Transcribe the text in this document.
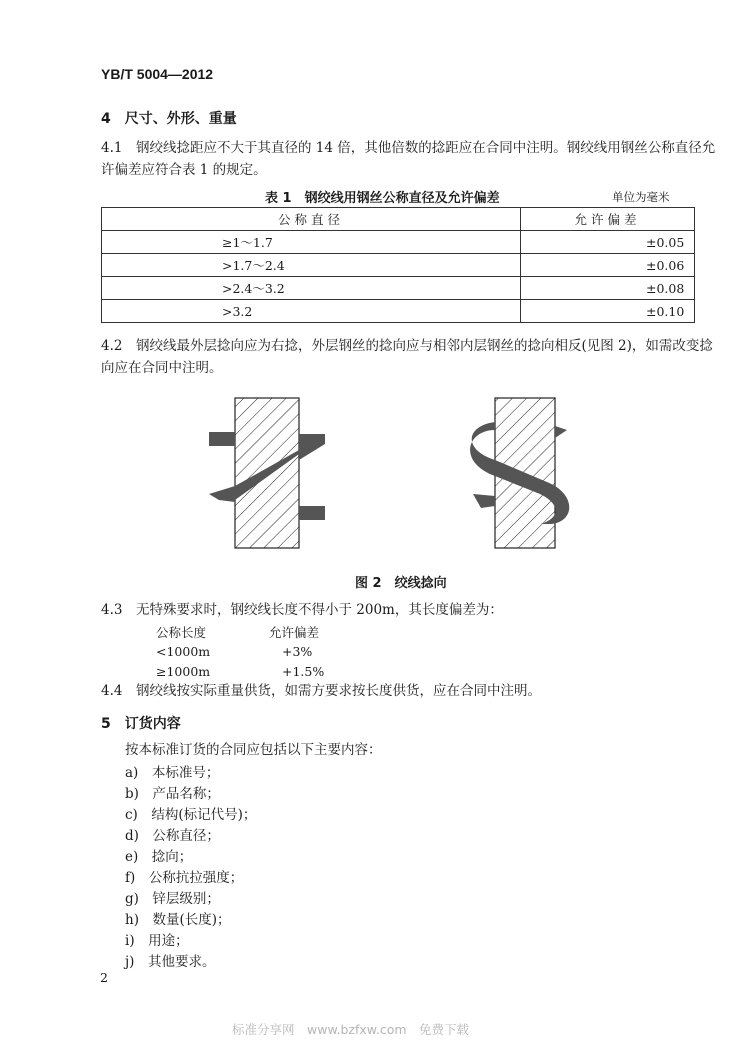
YB/T 5004—2012
4　尺寸、外形、重量
4.1　钢绞线捻距应不大于其直径的 14 倍，其他倍数的捻距应在合同中注明。钢绞线用钢丝公称直径允
许偏差应符合表 1 的规定。
表 1　钢绞线用钢丝公称直径及允许偏差	单位为毫米
公称直径	允许偏差
≥1～1.7	±0.05
>1.7～2.4	±0.06
>2.4～3.2	±0.08
>3.2	±0.10
4.2　钢绞线最外层捻向应为右捻，外层钢丝的捻向应与相邻内层钢丝的捻向相反(见图 2)，如需改变捻
向应在合同中注明。
图 2　绞线捻向
4.3　无特殊要求时，钢绞线长度不得小于 200m，其长度偏差为：
公称长度	允许偏差
<1000m	+3%
≥1000m	+1.5%
4.4　钢绞线按实际重量供货，如需方要求按长度供货，应在合同中注明。
5　订货内容
按本标准订货的合同应包括以下主要内容：
a)　本标准号；
b)　产品名称；
c)　结构(标记代号)；
d)　公称直径；
e)　捻向；
f)　公称抗拉强度；
g)　锌层级别；
h)　数量(长度)；
i)　用途；
j)　其他要求。
2
标准分享网　www.bzfxw.com　免费下载
